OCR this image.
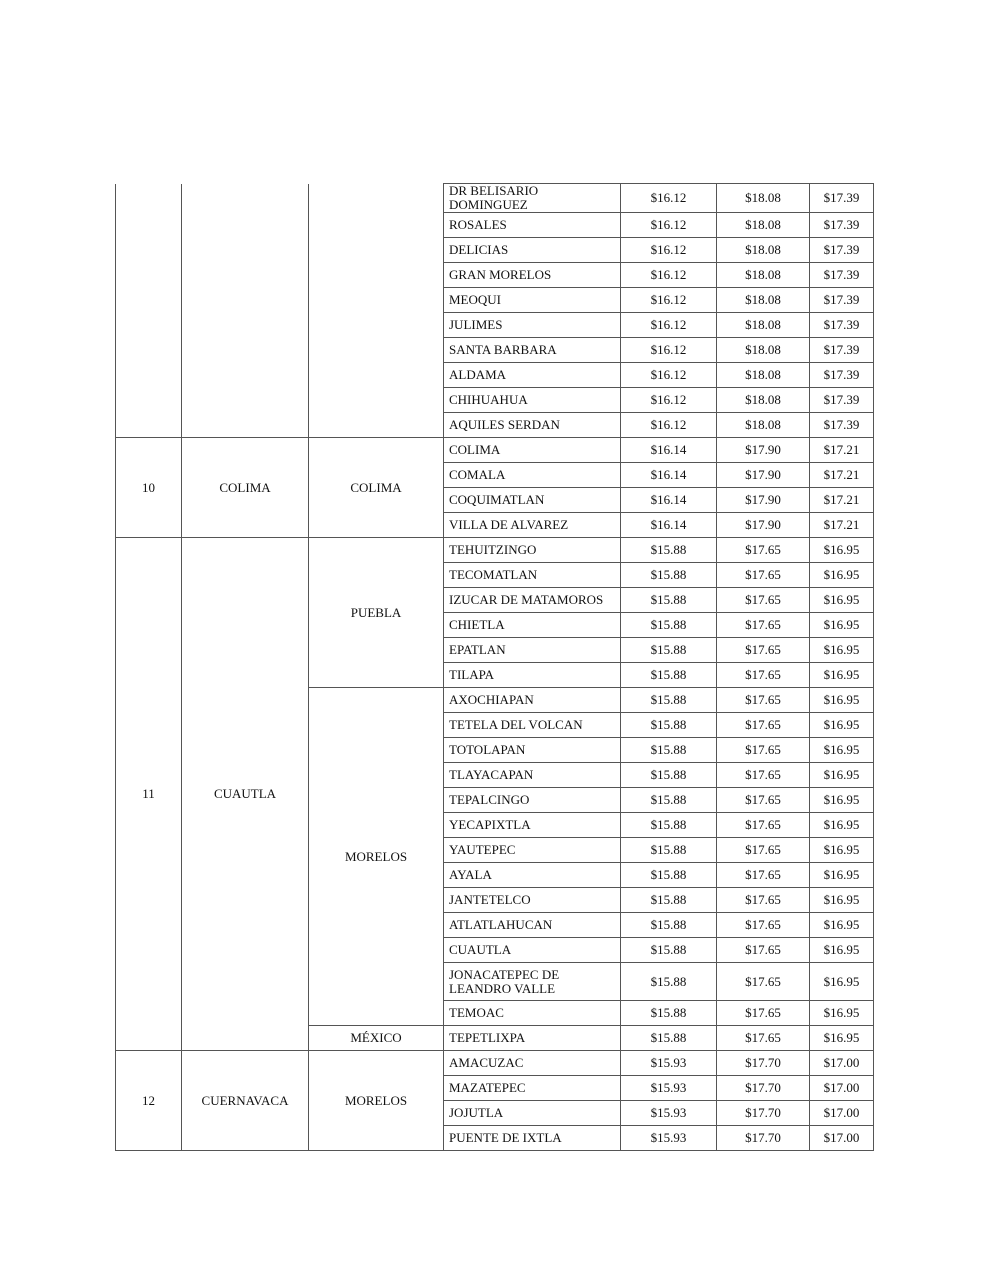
			DR BELISARIO DOMINGUEZ	$16.12	$18.08	$17.39
			ROSALES	$16.12	$18.08	$17.39
			DELICIAS	$16.12	$18.08	$17.39
			GRAN MORELOS	$16.12	$18.08	$17.39
			MEOQUI	$16.12	$18.08	$17.39
			JULIMES	$16.12	$18.08	$17.39
			SANTA BARBARA	$16.12	$18.08	$17.39
			ALDAMA	$16.12	$18.08	$17.39
			CHIHUAHUA	$16.12	$18.08	$17.39
			AQUILES SERDAN	$16.12	$18.08	$17.39
10	COLIMA	COLIMA	COLIMA	$16.14	$17.90	$17.21
			COMALA	$16.14	$17.90	$17.21
			COQUIMATLAN	$16.14	$17.90	$17.21
			VILLA DE ALVAREZ	$16.14	$17.90	$17.21
11	CUAUTLA	PUEBLA	TEHUITZINGO	$15.88	$17.65	$16.95
			TECOMATLAN	$15.88	$17.65	$16.95
			IZUCAR DE MATAMOROS	$15.88	$17.65	$16.95
			CHIETLA	$15.88	$17.65	$16.95
			EPATLAN	$15.88	$17.65	$16.95
			TILAPA	$15.88	$17.65	$16.95
		MORELOS	AXOCHIAPAN	$15.88	$17.65	$16.95
			TETELA DEL VOLCAN	$15.88	$17.65	$16.95
			TOTOLAPAN	$15.88	$17.65	$16.95
			TLAYACAPAN	$15.88	$17.65	$16.95
			TEPALCINGO	$15.88	$17.65	$16.95
			YECAPIXTLA	$15.88	$17.65	$16.95
			YAUTEPEC	$15.88	$17.65	$16.95
			AYALA	$15.88	$17.65	$16.95
			JANTETELCO	$15.88	$17.65	$16.95
			ATLATLAHUCAN	$15.88	$17.65	$16.95
			CUAUTLA	$15.88	$17.65	$16.95
			JONACATEPEC DE LEANDRO VALLE	$15.88	$17.65	$16.95
			TEMOAC	$15.88	$17.65	$16.95
		MÉXICO	TEPETLIXPA	$15.88	$17.65	$16.95
12	CUERNAVACA	MORELOS	AMACUZAC	$15.93	$17.70	$17.00
			MAZATEPEC	$15.93	$17.70	$17.00
			JOJUTLA	$15.93	$17.70	$17.00
			PUENTE DE IXTLA	$15.93	$17.70	$17.00
